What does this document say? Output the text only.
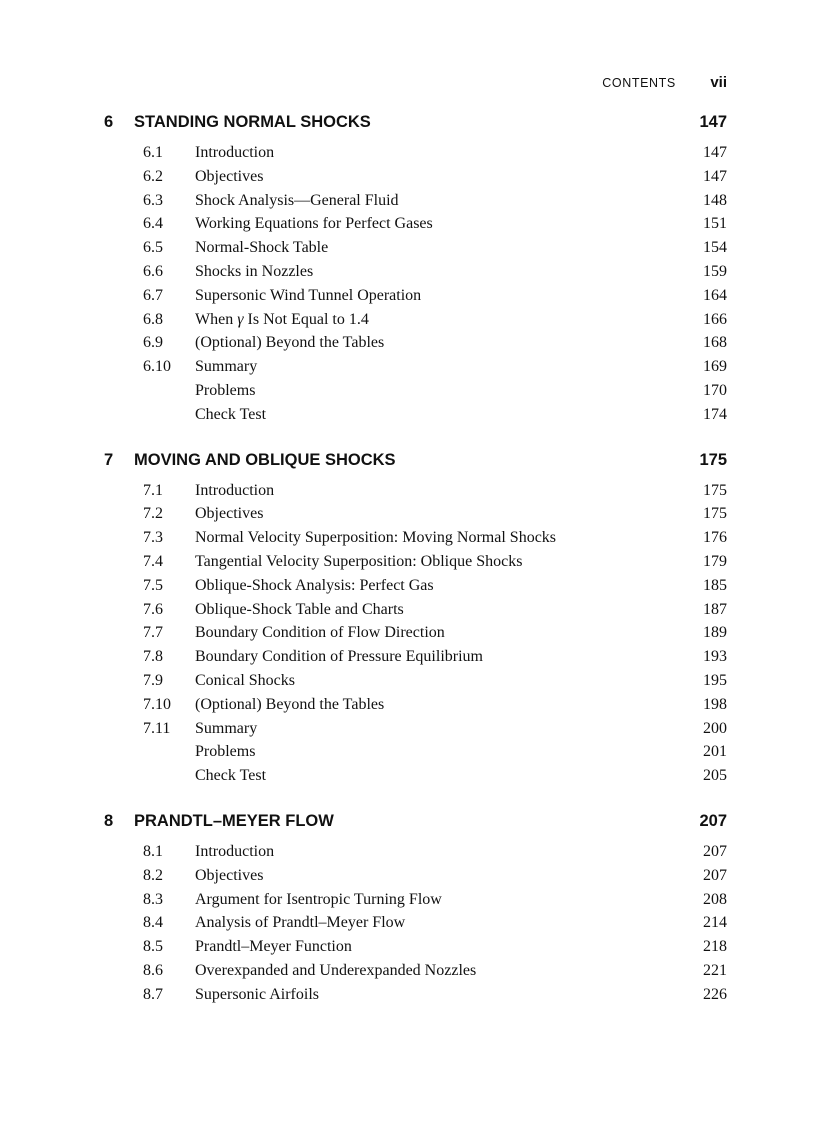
CONTENTS vii
6 STANDING NORMAL SHOCKS	147
6.1 Introduction	147
6.2 Objectives	147
6.3 Shock Analysis—General Fluid	148
6.4 Working Equations for Perfect Gases	151
6.5 Normal-Shock Table	154
6.6 Shocks in Nozzles	159
6.7 Supersonic Wind Tunnel Operation	164
6.8 When γ Is Not Equal to 1.4	166
6.9 (Optional) Beyond the Tables	168
6.10 Summary	169
Problems	170
Check Test	174
7 MOVING AND OBLIQUE SHOCKS	175
7.1 Introduction	175
7.2 Objectives	175
7.3 Normal Velocity Superposition: Moving Normal Shocks	176
7.4 Tangential Velocity Superposition: Oblique Shocks	179
7.5 Oblique-Shock Analysis: Perfect Gas	185
7.6 Oblique-Shock Table and Charts	187
7.7 Boundary Condition of Flow Direction	189
7.8 Boundary Condition of Pressure Equilibrium	193
7.9 Conical Shocks	195
7.10 (Optional) Beyond the Tables	198
7.11 Summary	200
Problems	201
Check Test	205
8 PRANDTL–MEYER FLOW	207
8.1 Introduction	207
8.2 Objectives	207
8.3 Argument for Isentropic Turning Flow	208
8.4 Analysis of Prandtl–Meyer Flow	214
8.5 Prandtl–Meyer Function	218
8.6 Overexpanded and Underexpanded Nozzles	221
8.7 Supersonic Airfoils	226
